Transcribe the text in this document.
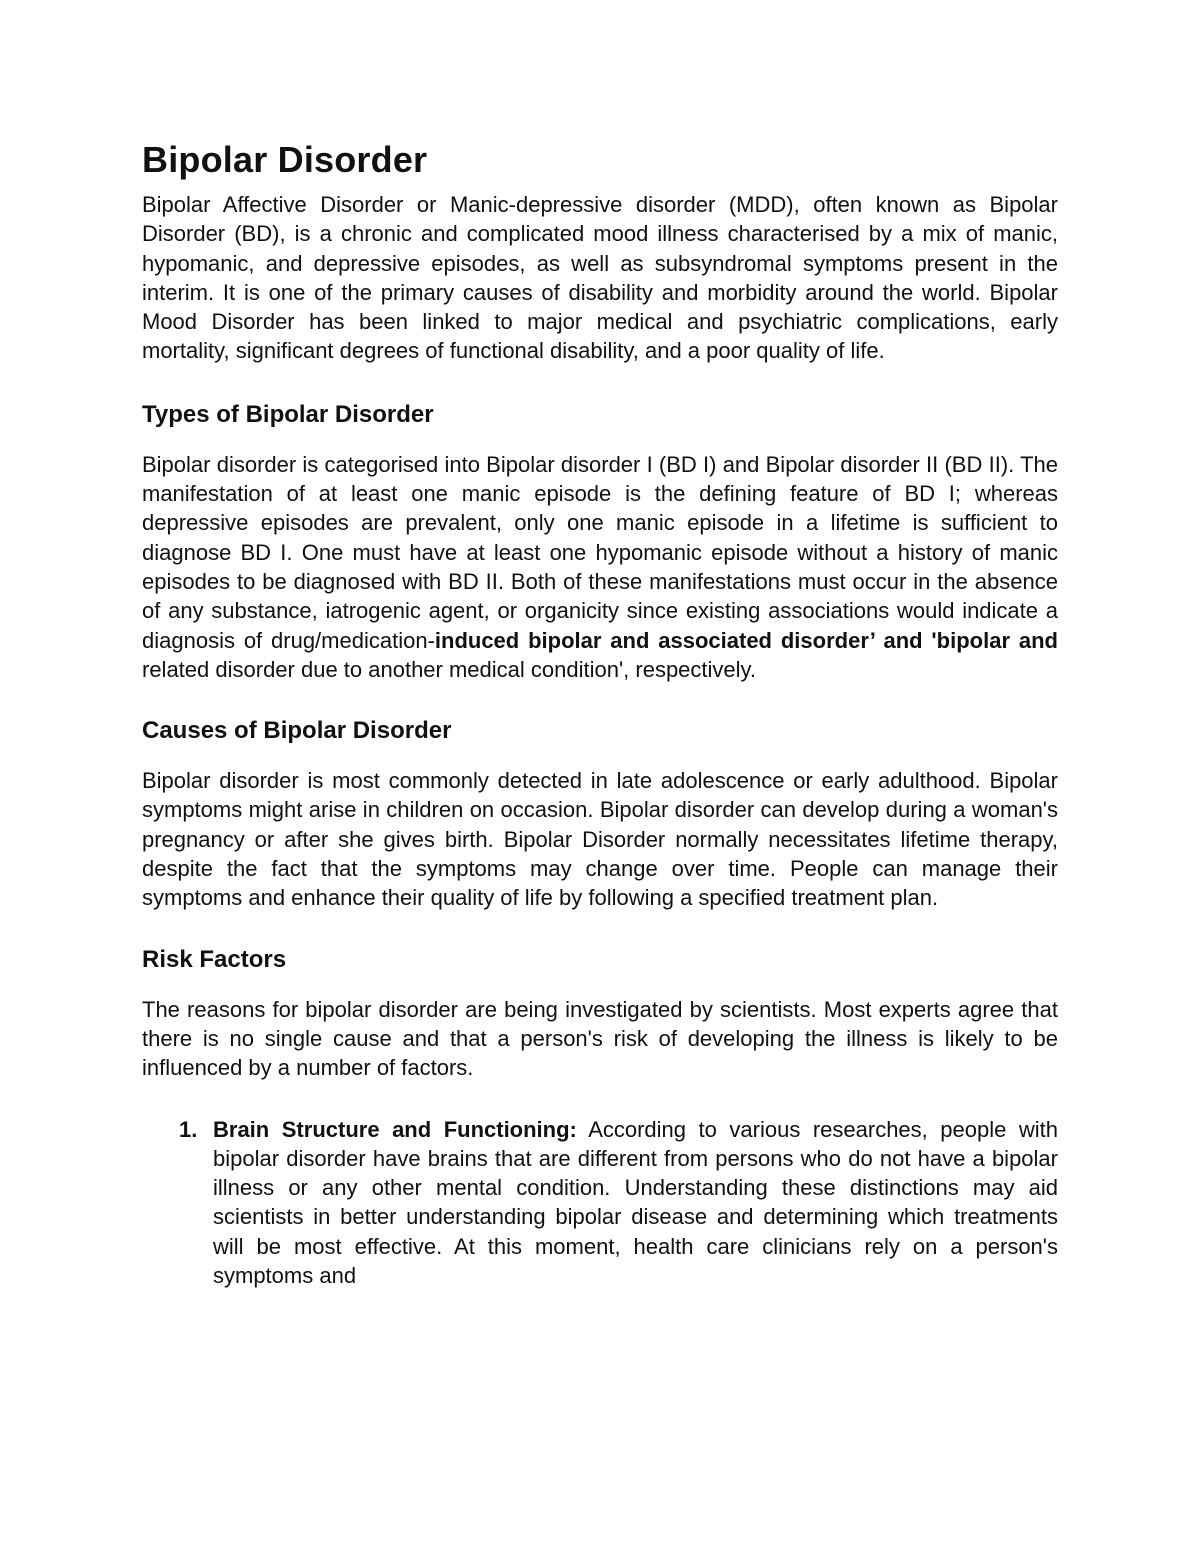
Bipolar Disorder

Bipolar Affective Disorder or Manic-depressive disorder (MDD), often known as Bipolar Disorder (BD), is a chronic and complicated mood illness characterised by a mix of manic, hypomanic, and depressive episodes, as well as subsyndromal symptoms present in the interim. It is one of the primary causes of disability and morbidity around the world. Bipolar Mood Disorder has been linked to major medical and psychiatric complications, early mortality, significant degrees of functional disability, and a poor quality of life.

Types of Bipolar Disorder

Bipolar disorder is categorised into Bipolar disorder I (BD I) and Bipolar disorder II (BD II). The manifestation of at least one manic episode is the defining feature of BD I; whereas depressive episodes are prevalent, only one manic episode in a lifetime is sufficient to diagnose BD I. One must have at least one hypomanic episode without a history of manic episodes to be diagnosed with BD II. Both of these manifestations must occur in the absence of any substance, iatrogenic agent, or organicity since existing associations would indicate a diagnosis of drug/medication-induced bipolar and associated disorder’ and 'bipolar and related disorder due to another medical condition', respectively.

Causes of Bipolar Disorder

Bipolar disorder is most commonly detected in late adolescence or early adulthood. Bipolar symptoms might arise in children on occasion. Bipolar disorder can develop during a woman's pregnancy or after she gives birth. Bipolar Disorder normally necessitates lifetime therapy, despite the fact that the symptoms may change over time. People can manage their symptoms and enhance their quality of life by following a specified treatment plan.

Risk Factors

The reasons for bipolar disorder are being investigated by scientists. Most experts agree that there is no single cause and that a person's risk of developing the illness is likely to be influenced by a number of factors.

1. Brain Structure and Functioning: According to various researches, people with bipolar disorder have brains that are different from persons who do not have a bipolar illness or any other mental condition. Understanding these distinctions may aid scientists in better understanding bipolar disease and determining which treatments will be most effective. At this moment, health care clinicians rely on a person's symptoms and
